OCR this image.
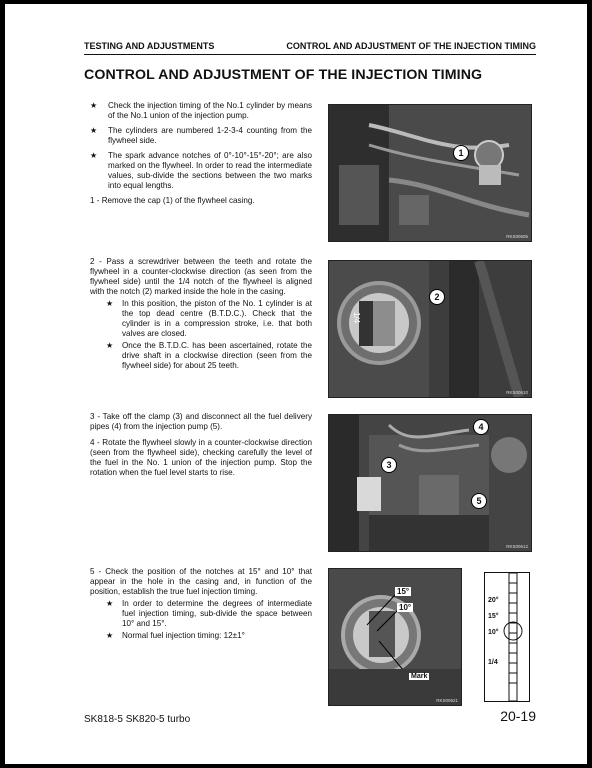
TESTING AND ADJUSTMENTS	CONTROL AND ADJUSTMENT OF THE INJECTION TIMING
CONTROL AND ADJUSTMENT OF THE INJECTION TIMING
★	Check the injection timing of the No.1 cylinder by means of the No.1 union of the injection pump.
★	The cylinders are numbered 1-2-3-4 counting from the flywheel side.
★	The spark advance notches of 0°-10°-15°-20°; are also marked on the flywheel. In order to read the intermediate values, sub-divide the sections between the two marks into equal lengths.
1 - Remove the cap (1) of the flywheel casing.
1
RKS00605
2 - Pass a screwdriver between the teeth and rotate the flywheel in a counter-clockwise direction (as seen from the flywheel side) until the 1/4 notch of the flywheel is aligned with the notch (2) marked inside the hole in the casing.
★	In this position, the piston of the No. 1 cylinder is at the top dead centre (B.T.D.C.). Check that the cylinder is in a compression stroke, i.e. that both valves are closed.
★	Once the B.T.D.C. has been ascertained, rotate the drive shaft in a clockwise direction (seen from the flywheel side) for about 25 teeth.
1/4
2
RKS00610
3 - Take off the clamp (3) and disconnect all the fuel delivery pipes (4) from the injection pump (5).
4 - Rotate the flywheel slowly in a counter-clockwise direction (seen from the flywheel side), checking carefully the level of the fuel in the No. 1 union of the injection pump. Stop the rotation when the fuel level starts to rise.
4
3
5
RKS00612
5 - Check the position of the notches at 15° and 10° that appear in the hole in the casing and, in function of the position, establish the true fuel injection timing.
★	In order to determine the degrees of intermediate fuel injection timing, sub-divide the space between 10° and 15°.
★	Normal fuel injection timing: 12±1°
15°
10°
Mark
RKS00621
20°
15°
10°
1/4
SK818-5 SK820-5 turbo	20-19
